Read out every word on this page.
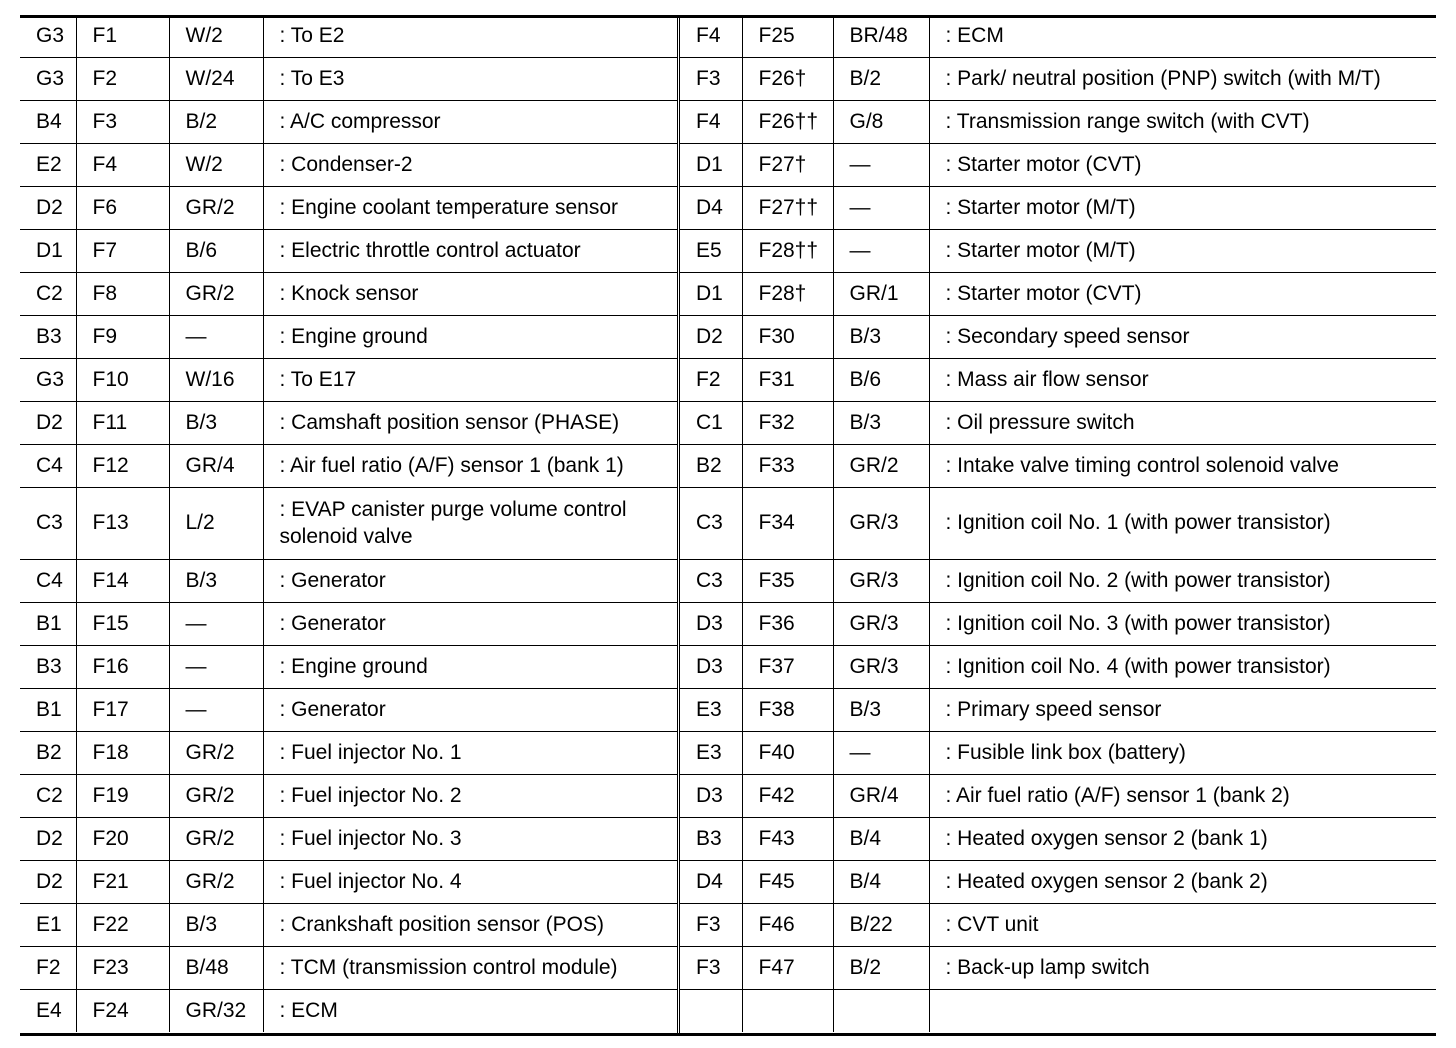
G3	F1	W/2	: To E2
G3	F2	W/24	: To E3
B4	F3	B/2	: A/C compressor
E2	F4	W/2	: Condenser-2
D2	F6	GR/2	: Engine coolant temperature sensor
D1	F7	B/6	: Electric throttle control actuator
C2	F8	GR/2	: Knock sensor
B3	F9	—	: Engine ground
G3	F10	W/16	: To E17
D2	F11	B/3	: Camshaft position sensor (PHASE)
C4	F12	GR/4	: Air fuel ratio (A/F) sensor 1 (bank 1)
C3	F13	L/2	: EVAP canister purge volume control solenoid valve
C4	F14	B/3	: Generator
B1	F15	—	: Generator
B3	F16	—	: Engine ground
B1	F17	—	: Generator
B2	F18	GR/2	: Fuel injector No. 1
C2	F19	GR/2	: Fuel injector No. 2
D2	F20	GR/2	: Fuel injector No. 3
D2	F21	GR/2	: Fuel injector No. 4
E1	F22	B/3	: Crankshaft position sensor (POS)
F2	F23	B/48	: TCM (transmission control module)
E4	F24	GR/32	: ECM
F4	F25	BR/48	: ECM
F3	F26†	B/2	: Park/ neutral position (PNP) switch (with M/T)
F4	F26††	G/8	: Transmission range switch (with CVT)
D1	F27†	—	: Starter motor (CVT)
D4	F27††	—	: Starter motor (M/T)
E5	F28††	—	: Starter motor (M/T)
D1	F28†	GR/1	: Starter motor (CVT)
D2	F30	B/3	: Secondary speed sensor
F2	F31	B/6	: Mass air flow sensor
C1	F32	B/3	: Oil pressure switch
B2	F33	GR/2	: Intake valve timing control solenoid valve
C3	F34	GR/3	: Ignition coil No. 1 (with power transistor)
C3	F35	GR/3	: Ignition coil No. 2 (with power transistor)
D3	F36	GR/3	: Ignition coil No. 3 (with power transistor)
D3	F37	GR/3	: Ignition coil No. 4 (with power transistor)
E3	F38	B/3	: Primary speed sensor
E3	F40	—	: Fusible link box (battery)
D3	F42	GR/4	: Air fuel ratio (A/F) sensor 1 (bank 2)
B3	F43	B/4	: Heated oxygen sensor 2 (bank 1)
D4	F45	B/4	: Heated oxygen sensor 2 (bank 2)
F3	F46	B/22	: CVT unit
F3	F47	B/2	: Back-up lamp switch
